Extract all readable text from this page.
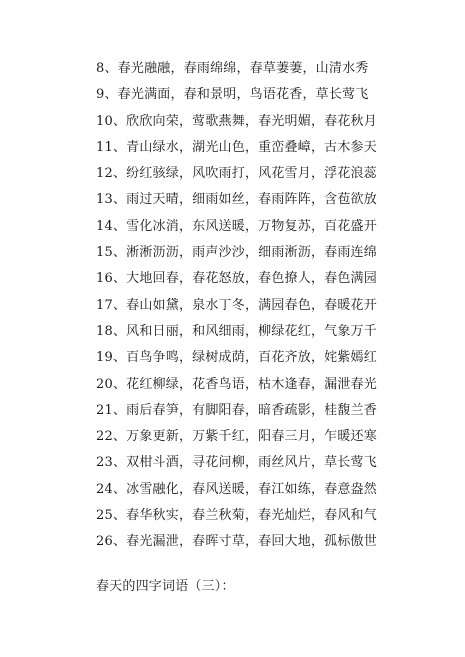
8、春光融融，春雨绵绵，春草萋萋，山清水秀
9、春光满面，春和景明，鸟语花香，草长莺飞
10、欣欣向荣，莺歌燕舞，春光明媚，春花秋月
11、青山绿水，湖光山色，重峦叠嶂，古木参天
12、纷红骇绿，风吹雨打，风花雪月，浮花浪蕊
13、雨过天晴，细雨如丝，春雨阵阵，含苞欲放
14、雪化冰消，东风送暖，万物复苏，百花盛开
15、淅淅沥沥，雨声沙沙，细雨淅沥，春雨连绵
16、大地回春，春花怒放，春色撩人，春色满园
17、春山如黛，泉水丁冬，满园春色，春暖花开
18、风和日丽，和风细雨，柳绿花红，气象万千
19、百鸟争鸣，绿树成荫，百花齐放，姹紫嫣红
20、花红柳绿，花香鸟语，枯木逢春，漏泄春光
21、雨后春笋，有脚阳春，暗香疏影，桂馥兰香
22、万象更新，万紫千红，阳春三月，乍暖还寒
23、双柑斗酒，寻花问柳，雨丝风片，草长莺飞
24、冰雪融化，春风送暖，春江如练，春意盎然
25、春华秋实，春兰秋菊，春光灿烂，春风和气
26、春光漏泄，春晖寸草，春回大地，孤标傲世
春天的四字词语（三）：
